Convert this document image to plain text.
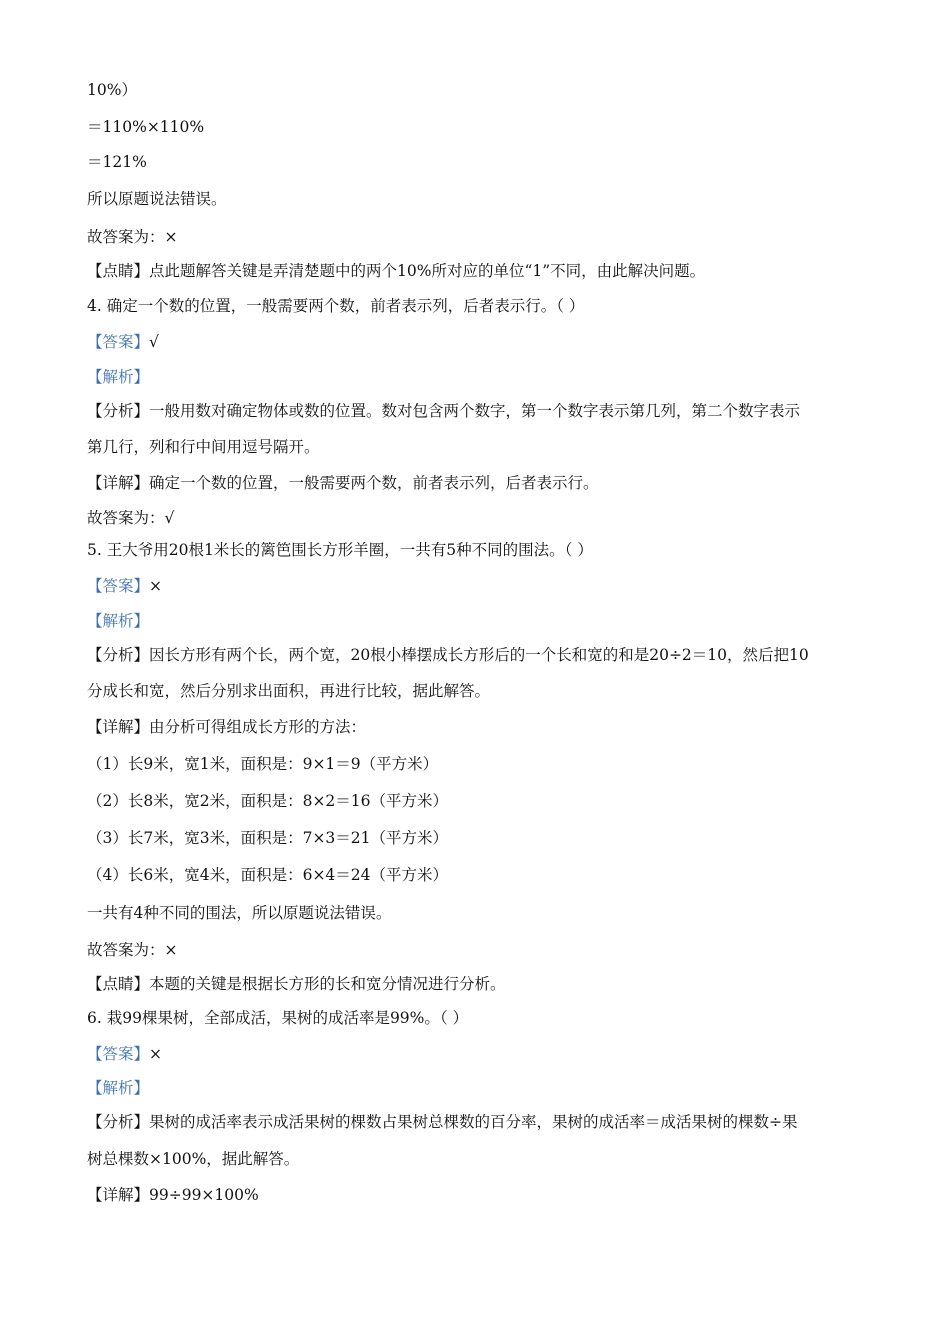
10%）
＝110%×110%
＝121%
所以原题说法错误。
故答案为：×
【点睛】点此题解答关键是弄清楚题中的两个10%所对应的单位“1”不同，由此解决问题。
4. 确定一个数的位置，一般需要两个数，前者表示列，后者表示行。（ ）
【答案】√
【解析】
【分析】一般用数对确定物体或数的位置。数对包含两个数字，第一个数字表示第几列，第二个数字表示
第几行，列和行中间用逗号隔开。
【详解】确定一个数的位置，一般需要两个数，前者表示列，后者表示行。
故答案为：√
5. 王大爷用20根1米长的篱笆围长方形羊圈，一共有5种不同的围法。（ ）
【答案】×
【解析】
【分析】因长方形有两个长，两个宽，20根小棒摆成长方形后的一个长和宽的和是20÷2＝10，然后把10
分成长和宽，然后分别求出面积，再进行比较，据此解答。
【详解】由分析可得组成长方形的方法：
（1）长9米，宽1米，面积是：9×1＝9（平方米）
（2）长8米，宽2米，面积是：8×2＝16（平方米）
（3）长7米，宽3米，面积是：7×3＝21（平方米）
（4）长6米，宽4米，面积是：6×4＝24（平方米）
一共有4种不同的围法，所以原题说法错误。
故答案为：×
【点睛】本题的关键是根据长方形的长和宽分情况进行分析。
6. 栽99棵果树，全部成活，果树的成活率是99%。（ ）
【答案】×
【解析】
【分析】果树的成活率表示成活果树的棵数占果树总棵数的百分率，果树的成活率＝成活果树的棵数÷果
树总棵数×100%，据此解答。
【详解】99÷99×100%
